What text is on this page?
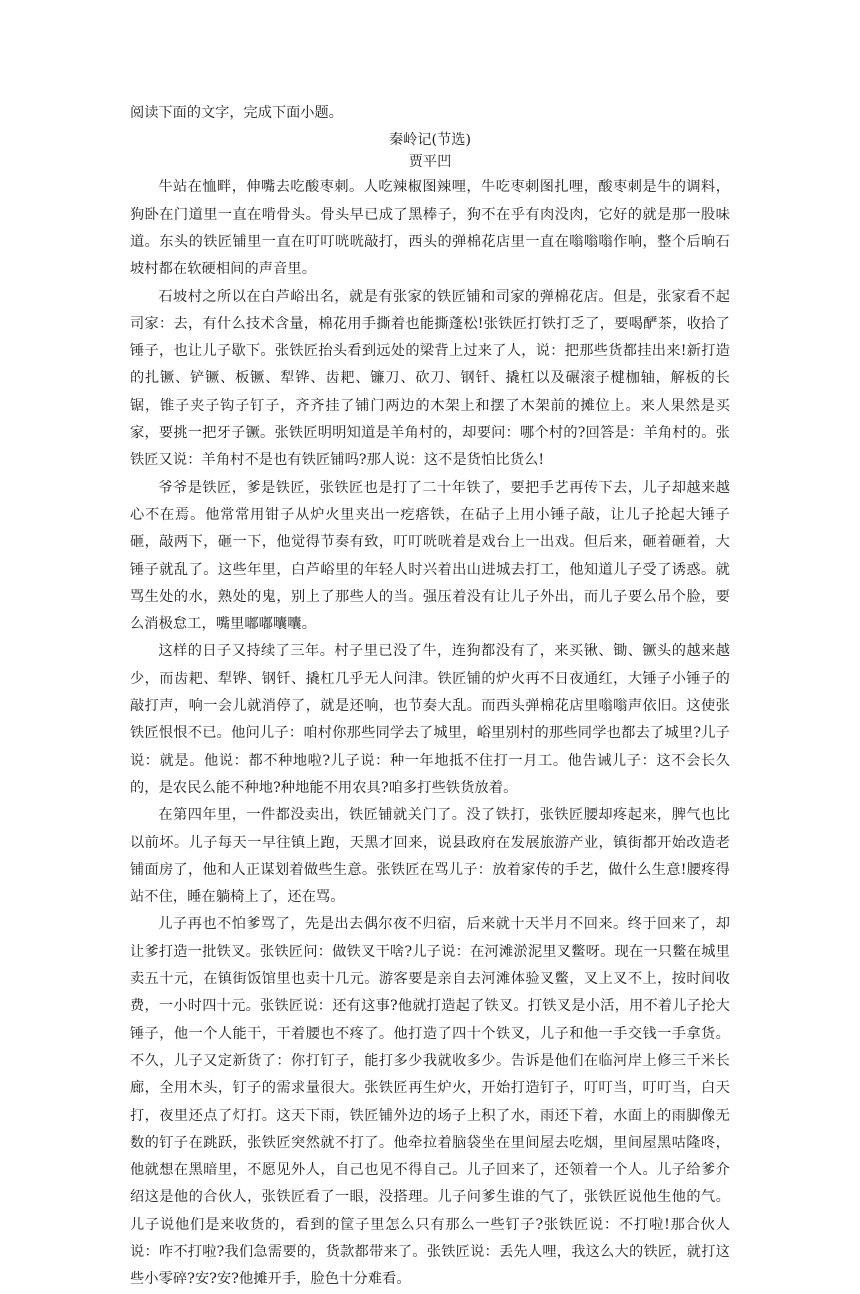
阅读下面的文字，完成下面小题。

秦岭记(节选)

贾平凹

牛站在恤畔，伸嘴去吃酸枣刺。人吃辣椒图辣哩，牛吃枣刺图扎哩，酸枣刺是牛的调料，狗卧在门道里一直在啃骨头。骨头早已成了黑棒子，狗不在乎有肉没肉，它好的就是那一股味道。东头的铁匠铺里一直在叮叮咣咣敲打，西头的弹棉花店里一直在嗡嗡嗡作响，整个后晌石坡村都在软硬相间的声音里。

石坡村之所以在白芦峪出名，就是有张家的铁匠铺和司家的弹棉花店。但是，张家看不起司家：去，有什么技术含量，棉花用手撕着也能撕蓬松!张铁匠打铁打乏了，要喝酽茶，收拾了锤子，也让儿子歇下。张铁匠抬头看到远处的梁背上过来了人，说：把那些货都挂出来!新打造的扎镢、铲镢、板镢、犁铧、齿耙、镰刀、砍刀、钢钎、撬杠以及碾滚子楗枷轴，解板的长锯，锥子夹子钩子钉子，齐齐挂了铺门两边的木架上和摆了木架前的摊位上。来人果然是买家，要挑一把牙子镢。张铁匠明明知道是羊角村的，却要问：哪个村的?回答是：羊角村的。张铁匠又说：羊角村不是也有铁匠铺吗?那人说：这不是货怕比货么!

爷爷是铁匠，爹是铁匠，张铁匠也是打了二十年铁了，要把手艺再传下去，儿子却越来越心不在焉。他常常用钳子从炉火里夹出一疙瘩铁，在砧子上用小锤子敲，让儿子抡起大锤子砸，敲两下，砸一下，他觉得节奏有致，叮叮咣咣着是戏台上一出戏。但后来，砸着砸着，大锤子就乱了。这些年里，白芦峪里的年轻人时兴着出山进城去打工，他知道儿子受了诱惑。就骂生处的水，熟处的鬼，别上了那些人的当。强压着没有让儿子外出，而儿子要么吊个脸，要么消极怠工，嘴里嘟嘟囔囔。

这样的日子又持续了三年。村子里已没了牛，连狗都没有了，来买锹、锄、镢头的越来越少，而齿耙、犁铧、钢钎、撬杠几乎无人问津。铁匠铺的炉火再不日夜通红，大锤子小锤子的敲打声，响一会儿就消停了，就是还响，也节奏大乱。而西头弹棉花店里嗡嗡声依旧。这使张铁匠恨恨不已。他问儿子：咱村你那些同学去了城里，峪里别村的那些同学也都去了城里?儿子说：就是。他说：都不种地啦?儿子说：种一年地抵不住打一月工。他告诫儿子：这不会长久的，是农民么能不种地?种地能不用农具?咱多打些铁货放着。

在第四年里，一件都没卖出，铁匠铺就关门了。没了铁打，张铁匠腰却疼起来，脾气也比以前坏。儿子每天一早往镇上跑，天黑才回来，说县政府在发展旅游产业，镇街都开始改造老铺面房了，他和人正谋划着做些生意。张铁匠在骂儿子：放着家传的手艺，做什么生意!腰疼得站不住，睡在躺椅上了，还在骂。

儿子再也不怕爹骂了，先是出去偶尔夜不归宿，后来就十天半月不回来。终于回来了，却让爹打造一批铁叉。张铁匠问：做铁叉干啥?儿子说：在河滩淤泥里叉鳖呀。现在一只鳖在城里卖五十元，在镇街饭馆里也卖十几元。游客要是亲自去河滩体验叉鳖，叉上叉不上，按时间收费，一小时四十元。张铁匠说：还有这事?他就打造起了铁叉。打铁叉是小活，用不着儿子抡大锤子，他一个人能干，干着腰也不疼了。他打造了四十个铁叉，儿子和他一手交钱一手拿货。不久，儿子又定新货了：你打钉子，能打多少我就收多少。告诉是他们在临河岸上修三千米长廊，全用木头，钉子的需求量很大。张铁匠再生炉火，开始打造钉子，叮叮当，叮叮当，白天打，夜里还点了灯打。这天下雨，铁匠铺外边的场子上积了水，雨还下着，水面上的雨脚像无数的钉子在跳跃，张铁匠突然就不打了。他牵拉着脑袋坐在里间屋去吃烟，里间屋黑咕隆咚，他就想在黑暗里，不愿见外人，自己也见不得自己。儿子回来了，还领着一个人。儿子给爹介绍这是他的合伙人，张铁匠看了一眼，没搭理。儿子问爹生谁的气了，张铁匠说他生他的气。儿子说他们是来收货的，看到的筐子里怎么只有那么一些钉子?张铁匠说：不打啦!那合伙人说：咋不打啦?我们急需要的，货款都带来了。张铁匠说：丢先人哩，我这么大的铁匠，就打这些小零碎?安?安?他摊开手，脸色十分难看。
